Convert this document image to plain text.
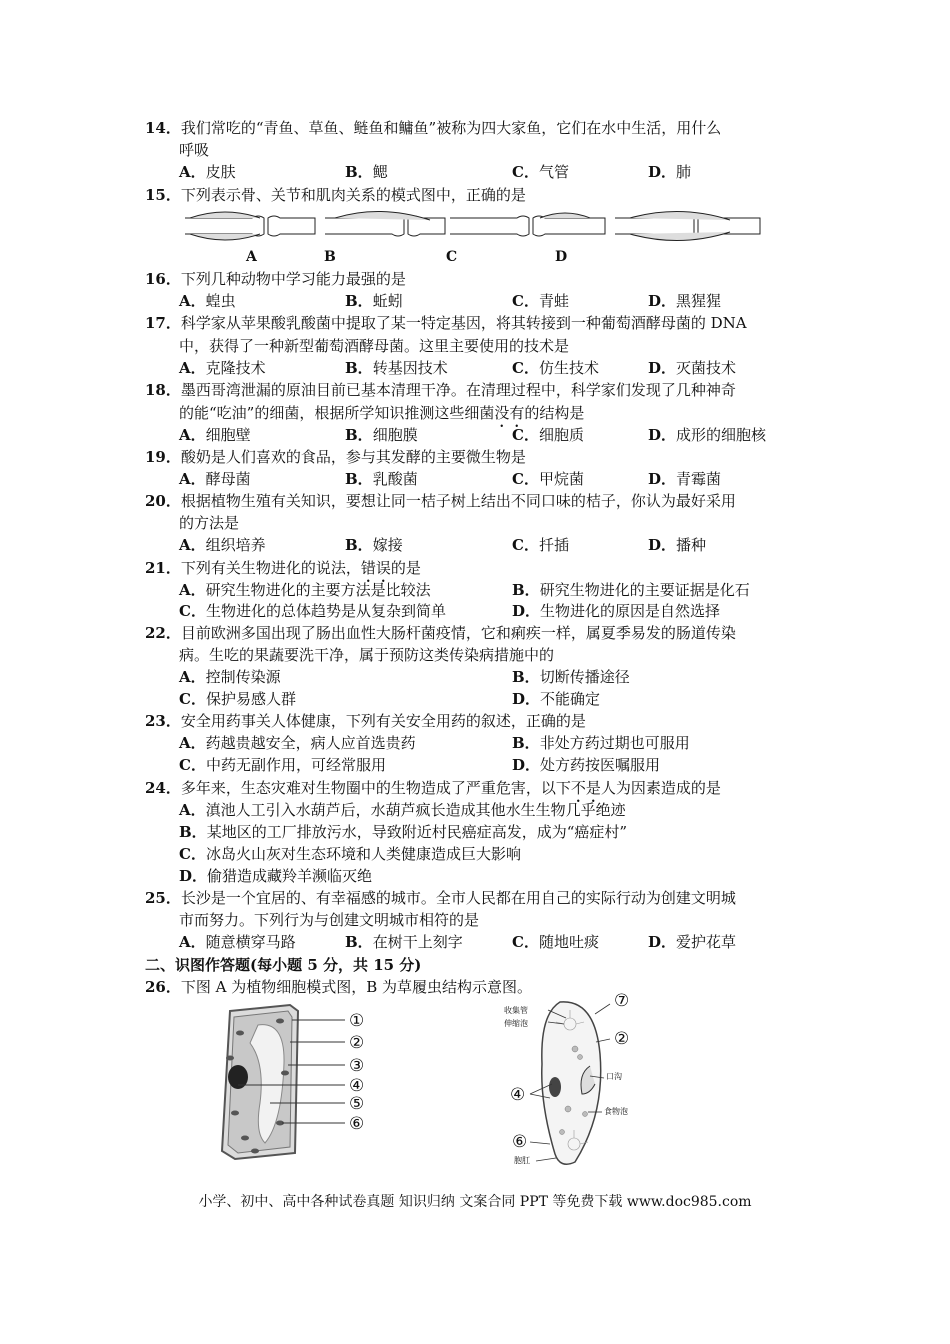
14．我们常吃的“青鱼、草鱼、鲢鱼和鳙鱼”被称为四大家鱼，它们在水中生活，用什么
呼吸
A．皮肤	B．鳃	C．气管	D．肺
15．下列表示骨、关节和肌肉关系的模式图中，正确的是
A	B	C	D
16．下列几种动物中学习能力最强的是
A．蝗虫	B．蚯蚓	C．青蛙	D．黑猩猩
17．科学家从苹果酸乳酸菌中提取了某一特定基因，将其转接到一种葡萄酒酵母菌的 DNA
中，获得了一种新型葡萄酒酵母菌。这里主要使用的技术是
A．克隆技术	B．转基因技术	C．仿生技术	D．灭菌技术
18．墨西哥湾泄漏的原油目前已基本清理干净。在清理过程中，科学家们发现了几种神奇
的能“吃油”的细菌，根据所学知识推测这些细菌没有的结构是
A．细胞壁	B．细胞膜	C．细胞质	D．成形的细胞核
19．酸奶是人们喜欢的食品，参与其发酵的主要微生物是
A．酵母菌	B．乳酸菌	C．甲烷菌	D．青霉菌
20．根据植物生殖有关知识，要想让同一桔子树上结出不同口味的桔子，你认为最好采用
的方法是
A．组织培养	B．嫁接	C．扦插	D．播种
21．下列有关生物进化的说法，错误的是
A．研究生物进化的主要方法是比较法	B．研究生物进化的主要证据是化石
C．生物进化的总体趋势是从复杂到简单	D．生物进化的原因是自然选择
22．目前欧洲多国出现了肠出血性大肠杆菌疫情，它和痢疾一样，属夏季易发的肠道传染
病。生吃的果蔬要洗干净，属于预防这类传染病措施中的
A．控制传染源	B．切断传播途径
C．保护易感人群	D．不能确定
23．安全用药事关人体健康，下列有关安全用药的叙述，正确的是
A．药越贵越安全，病人应首选贵药	B．非处方药过期也可服用
C．中药无副作用，可经常服用	D．处方药按医嘱服用
24．多年来，生态灾难对生物圈中的生物造成了严重危害，以下不是人为因素造成的是
A．滇池人工引入水葫芦后，水葫芦疯长造成其他水生生物几乎绝迹
B．某地区的工厂排放污水，导致附近村民癌症高发，成为“癌症村”
C．冰岛火山灰对生态环境和人类健康造成巨大影响
D．偷猎造成藏羚羊濒临灭绝
25．长沙是一个宜居的、有幸福感的城市。全市人民都在用自己的实际行动为创建文明城
市而努力。下列行为与创建文明城市相符的是
A．随意横穿马路	B．在树干上刻字	C．随地吐痰	D．爱护花草
二、识图作答题(每小题 5 分，共 15 分)
26．下图 A 为植物细胞模式图，B 为草履虫结构示意图。
①
②
③
④
⑤
⑥
⑦
收集管
伸缩泡
②
口沟
④
食物泡
⑥
胞肛
小学、初中、高中各种试卷真题 知识归纳 文案合同 PPT 等免费下载 www.doc985.com
